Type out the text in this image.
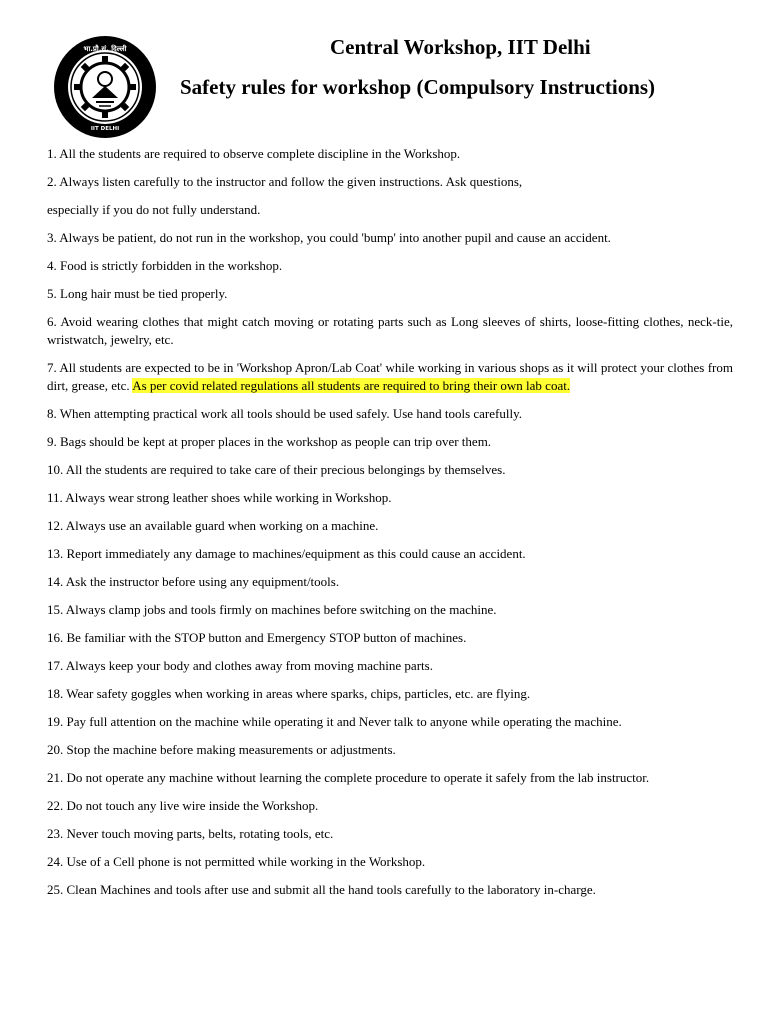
भा.प्रौ.सं. दिल्ली
IIT DELHI
Central Workshop, IIT Delhi
Safety rules for workshop (Compulsory Instructions)
1. All the students are required to observe complete discipline in the Workshop.
2. Always listen carefully to the instructor and follow the given instructions. Ask questions,
especially if you do not fully understand.
3. Always be patient, do not run in the workshop, you could 'bump' into another pupil and cause an accident.
4. Food is strictly forbidden in the workshop.
5. Long hair must be tied properly.
6. Avoid wearing clothes that might catch moving or rotating parts such as Long sleeves of shirts, loose-fitting clothes, neck-tie, wristwatch, jewelry, etc.
7. All students are expected to be in 'Workshop Apron/Lab Coat' while working in various shops as it will protect your clothes from dirt, grease, etc. As per covid related regulations all students are required to bring their own lab coat.
8. When attempting practical work all tools should be used safely. Use hand tools carefully.
9. Bags should be kept at proper places in the workshop as people can trip over them.
10. All the students are required to take care of their precious belongings by themselves.
11. Always wear strong leather shoes while working in Workshop.
12. Always use an available guard when working on a machine.
13. Report immediately any damage to machines/equipment as this could cause an accident.
14. Ask the instructor before using any equipment/tools.
15. Always clamp jobs and tools firmly on machines before switching on the machine.
16. Be familiar with the STOP button and Emergency STOP button of machines.
17. Always keep your body and clothes away from moving machine parts.
18. Wear safety goggles when working in areas where sparks, chips, particles, etc. are flying.
19. Pay full attention on the machine while operating it and Never talk to anyone while operating the machine.
20. Stop the machine before making measurements or adjustments.
21. Do not operate any machine without learning the complete procedure to operate it safely from the lab instructor.
22. Do not touch any live wire inside the Workshop.
23. Never touch moving parts, belts, rotating tools, etc.
24. Use of a Cell phone is not permitted while working in the Workshop.
25. Clean Machines and tools after use and submit all the hand tools carefully to the laboratory in-charge.
